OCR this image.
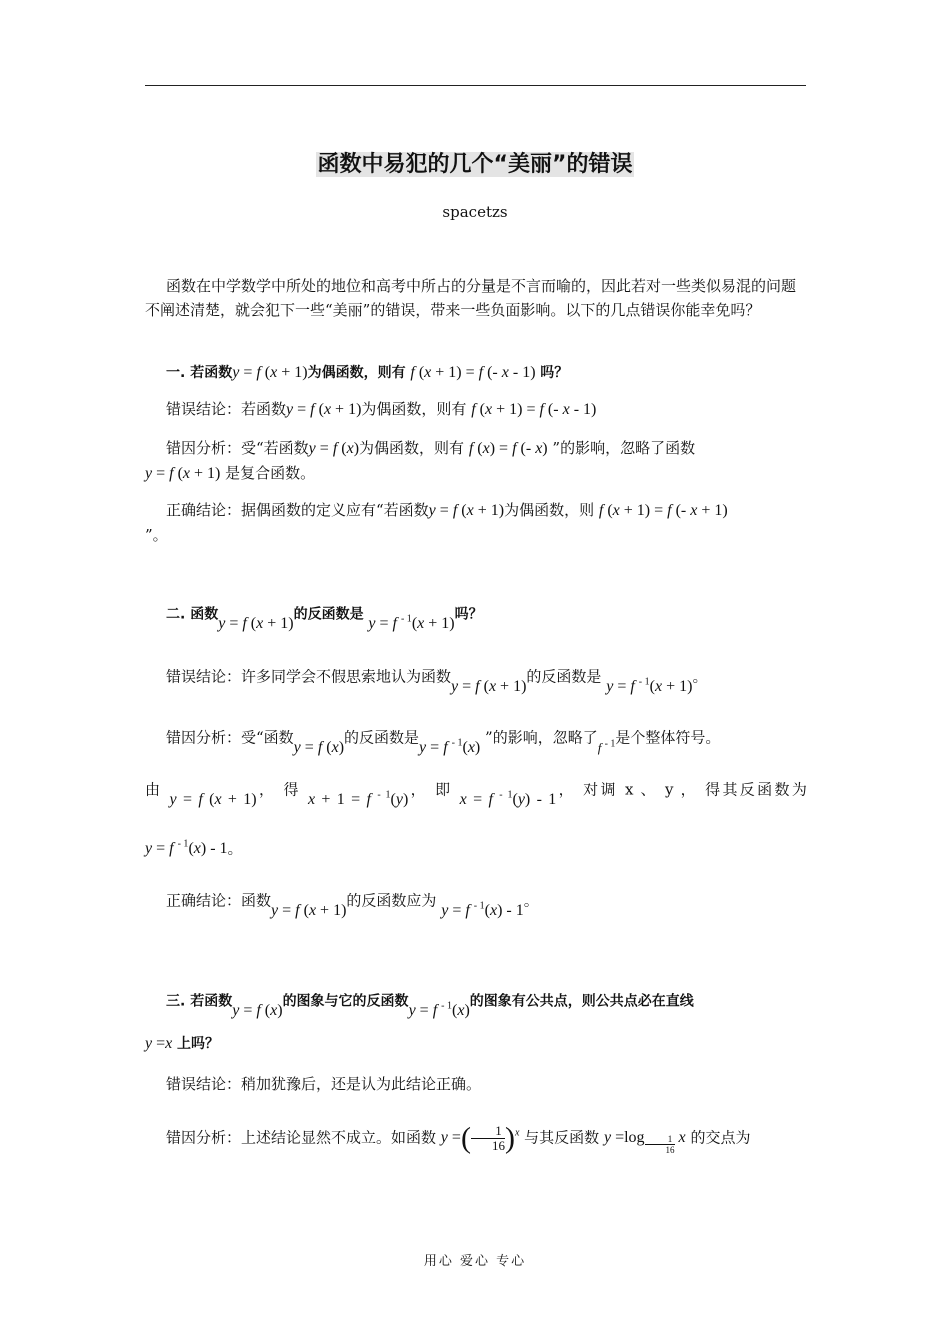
函数中易犯的几个“美丽”的错误
spacetzs
函数在中学数学中所处的地位和高考中所占的分量是不言而喻的，因此若对一些类似易混的问题不阐述清楚，就会犯下一些“美丽”的错误，带来一些负面影响。以下的几点错误你能幸免吗？
一. 若函数y = f (x + 1)为偶函数，则有 f (x + 1) = f (- x - 1) 吗？
错误结论：若函数y = f (x + 1)为偶函数，则有 f (x + 1) = f (- x - 1)
错因分析：受“若函数y = f (x)为偶函数，则有 f (x) = f (- x) ”的影响，忽略了函数
y = f (x + 1) 是复合函数。
正确结论：据偶函数的定义应有“若函数y = f (x + 1)为偶函数，则 f (x + 1) = f (- x + 1)
”。
二. 函数y = f (x + 1)的反函数是 y = f $^{- 1}$(x + 1)吗？
错误结论：许多同学会不假思索地认为函数y = f (x + 1)的反函数是 y = f $^{- 1}$(x + 1)。
错因分析：受“函数y = f (x)的反函数是y = f $^{- 1}$(x) ”的影响，忽略了f $^{- 1}$是个整体符号。
由 y = f (x + 1)， 得 x + 1 = f $^{- 1}$(y)， 即 x = f $^{- 1}$(y) - 1， 对调 x 、 y ， 得其反函数为
y = f $^{- 1}$(x) - 1。
正确结论：函数y = f (x + 1)的反函数应为 y = f $^{- 1}$(x) - 1。
三. 若函数y = f (x)的图象与它的反函数y = f $^{- 1}$(x)的图象有公共点，则公共点必在直线
y =x 上吗？
错误结论：稍加犹豫后，还是认为此结论正确。
错因分析：上述结论显然不成立。如函数 y =( $\frac{1}{16} )^x$ 与其反函数 y =log $_{\frac{1}{16}}$ x 的交点为
用心 爱心 专心
